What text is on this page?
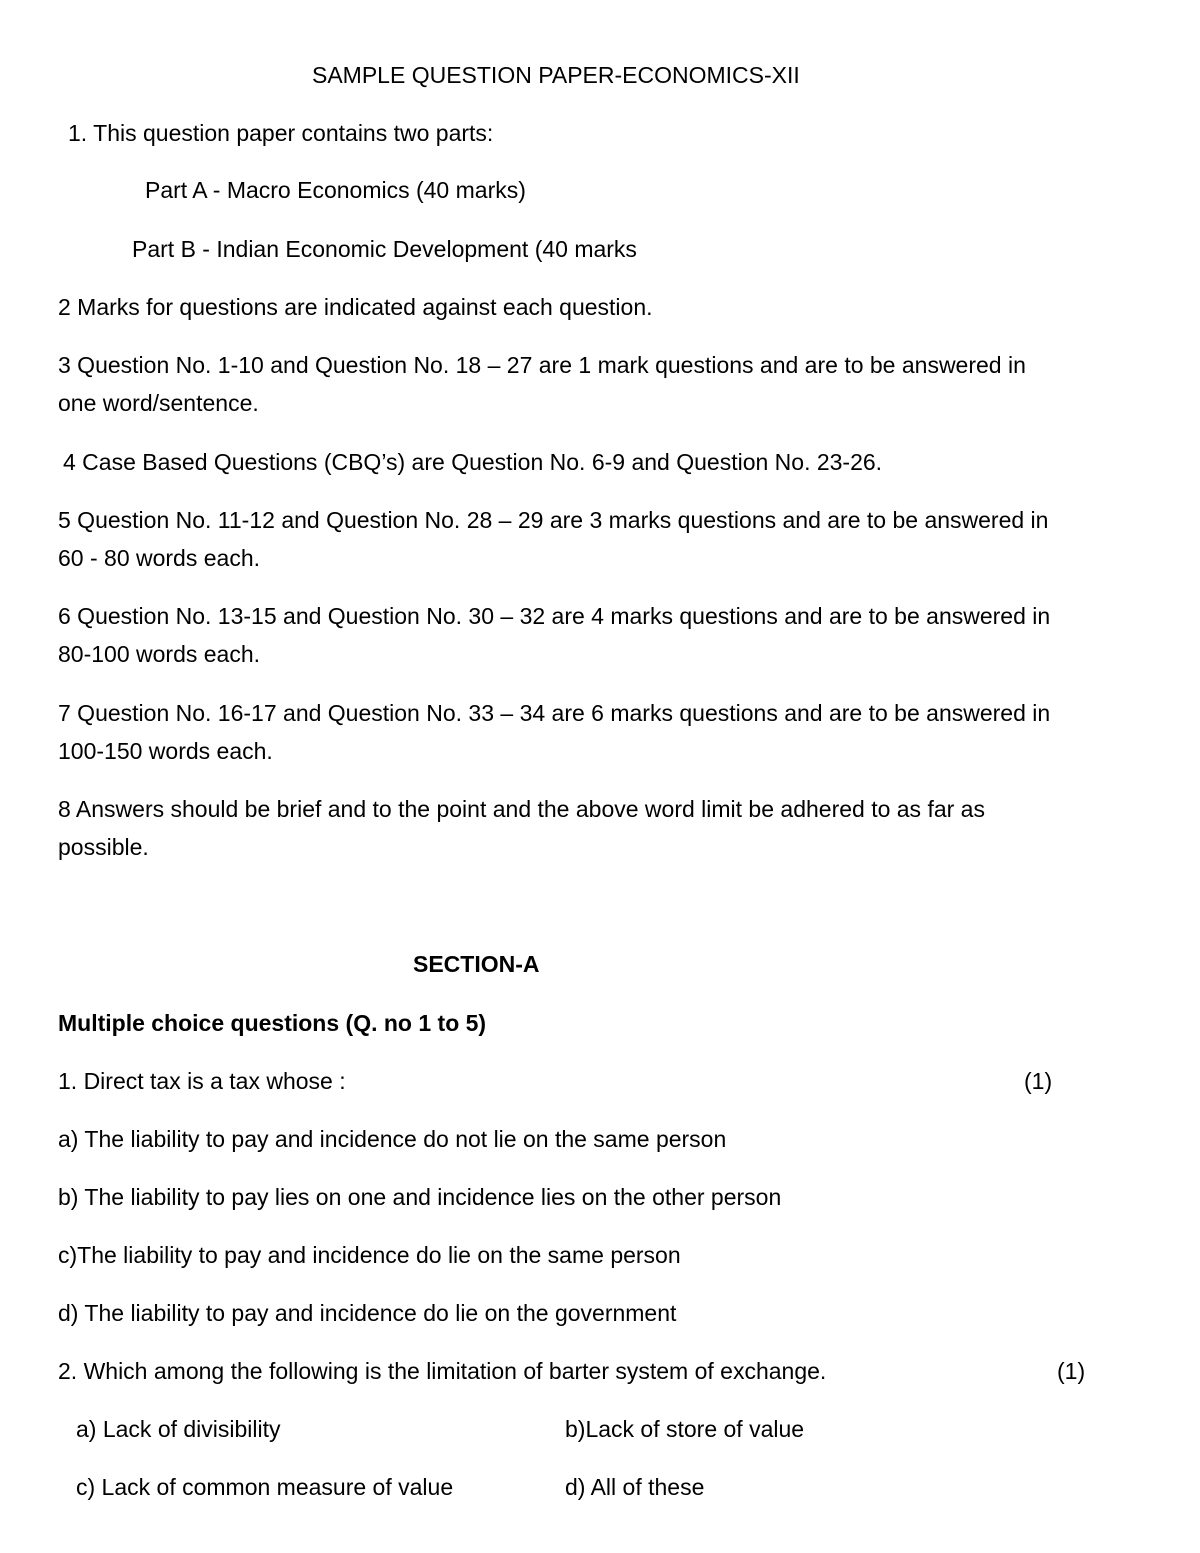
SAMPLE QUESTION PAPER-ECONOMICS-XII
1. This question paper contains two parts:
Part A - Macro Economics (40 marks)
Part B - Indian Economic Development (40 marks
2 Marks for questions are indicated against each question.
3 Question No. 1-10 and Question No. 18 – 27 are 1 mark questions and are to be answered in
one word/sentence.
4 Case Based Questions (CBQ’s) are Question No. 6-9 and Question No. 23-26.
5 Question No. 11-12 and Question No. 28 – 29 are 3 marks questions and are to be answered in
60 - 80 words each.
6 Question No. 13-15 and Question No. 30 – 32 are 4 marks questions and are to be answered in
80-100 words each.
7 Question No. 16-17 and Question No. 33 – 34 are 6 marks questions and are to be answered in
100-150 words each.
8 Answers should be brief and to the point and the above word limit be adhered to as far as
possible.
SECTION-A
Multiple choice questions (Q. no 1 to 5)
1. Direct tax is a tax whose :	(1)
a) The liability to pay and incidence do not lie on the same person
b) The liability to pay lies on one and incidence lies on the other person
c)The liability to pay and incidence do lie on the same person
d) The liability to pay and incidence do lie on the government
2. Which among the following is the limitation of barter system of exchange.	(1)
a) Lack of divisibility	b)Lack of store of value
c) Lack of common measure of value	d) All of these
